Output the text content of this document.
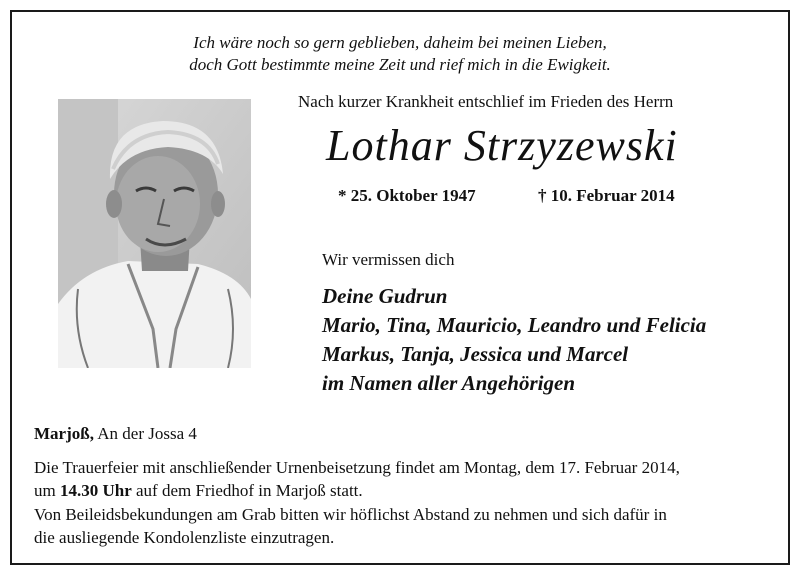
Ich wäre noch so gern geblieben, daheim bei meinen Lieben,
doch Gott bestimmte meine Zeit und rief mich in die Ewigkeit.
Nach kurzer Krankheit entschlief im Frieden des Herrn
Lothar Strzyzewski
* 25. Oktober 1947	† 10. Februar 2014
Wir vermissen dich
Deine Gudrun
Mario, Tina, Mauricio, Leandro und Felicia
Markus, Tanja, Jessica und Marcel
im Namen aller Angehörigen
Marjoß, An der Jossa 4
Die Trauerfeier mit anschließender Urnenbeisetzung findet am Montag, dem 17. Februar 2014,
um 14.30 Uhr auf dem Friedhof in Marjoß statt.
Von Beileidsbekundungen am Grab bitten wir höflichst Abstand zu nehmen und sich dafür in
die ausliegende Kondolenzliste einzutragen.
